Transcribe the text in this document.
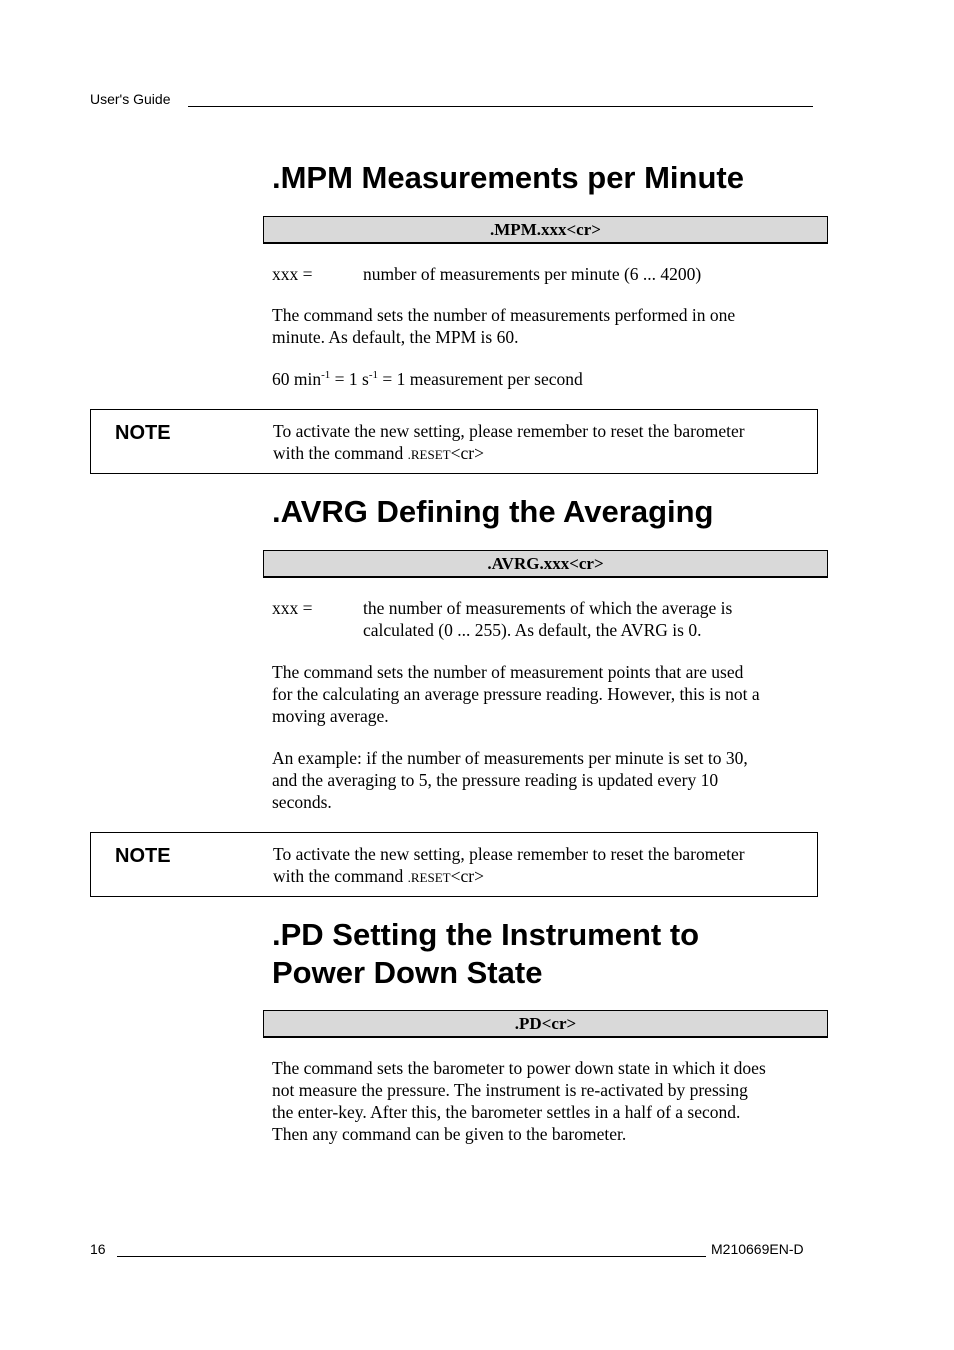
User's Guide
.MPM Measurements per Minute
.MPM.xxx<cr>
xxx =	number of measurements per minute (6 ... 4200)
The command sets the number of measurements performed in one
minute. As default, the MPM is 60.
60 $\min^{-1} = 1$ $s^{-1} = 1$ measurement per second
NOTE	To activate the new setting, please remember to reset the barometer
with the command .RESET<cr>
.AVRG Defining the Averaging
.AVRG.xxx<cr>
xxx =	the number of measurements of which the average is
calculated (0 ... 255). As default, the AVRG is 0.
The command sets the number of measurement points that are used
for the calculating an average pressure reading. However, this is not a
moving average.
An example: if the number of measurements per minute is set to 30,
and the averaging to 5, the pressure reading is updated every 10
seconds.
NOTE	To activate the new setting, please remember to reset the barometer
with the command .RESET<cr>
.PD Setting the Instrument to
Power Down State
.PD<cr>
The command sets the barometer to power down state in which it does
not measure the pressure. The instrument is re-activated by pressing
the enter-key. After this, the barometer settles in a half of a second.
Then any command can be given to the barometer.
16	M210669EN-D
